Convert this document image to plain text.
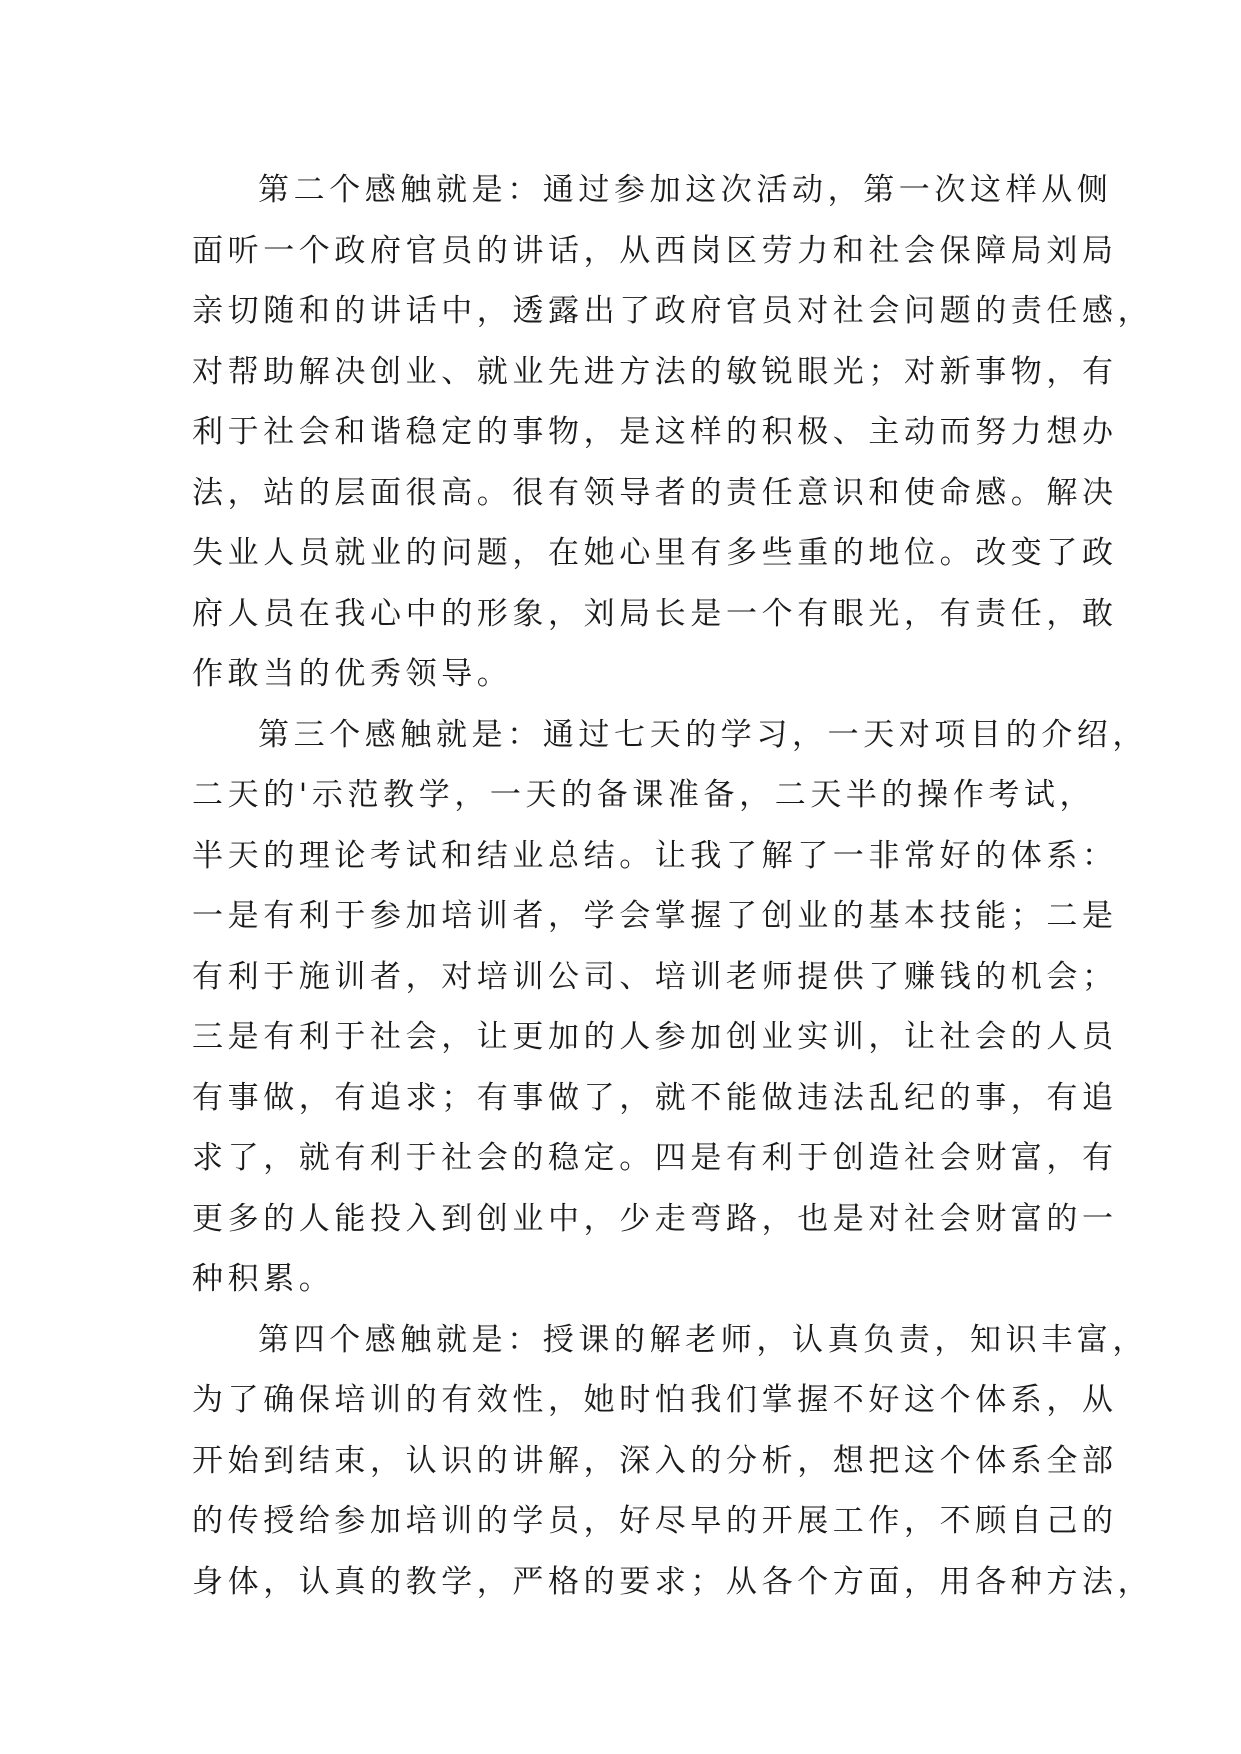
第二个感触就是：通过参加这次活动，第一次这样从侧
面听一个政府官员的讲话，从西岗区劳力和社会保障局刘局
亲切随和的讲话中，透露出了政府官员对社会问题的责任感，
对帮助解决创业、就业先进方法的敏锐眼光；对新事物，有
利于社会和谐稳定的事物，是这样的积极、主动而努力想办
法，站的层面很高。很有领导者的责任意识和使命感。解决
失业人员就业的问题，在她心里有多些重的地位。改变了政
府人员在我心中的形象，刘局长是一个有眼光，有责任，敢
作敢当的优秀领导。
第三个感触就是：通过七天的学习，一天对项目的介绍，
二天的'示范教学，一天的备课准备，二天半的操作考试，
半天的理论考试和结业总结。让我了解了一非常好的体系：
一是有利于参加培训者，学会掌握了创业的基本技能；二是
有利于施训者，对培训公司、培训老师提供了赚钱的机会；
三是有利于社会，让更加的人参加创业实训，让社会的人员
有事做，有追求；有事做了，就不能做违法乱纪的事，有追
求了，就有利于社会的稳定。四是有利于创造社会财富，有
更多的人能投入到创业中，少走弯路，也是对社会财富的一
种积累。
第四个感触就是：授课的解老师，认真负责，知识丰富，
为了确保培训的有效性，她时怕我们掌握不好这个体系，从
开始到结束，认识的讲解，深入的分析，想把这个体系全部
的传授给参加培训的学员，好尽早的开展工作，不顾自己的
身体，认真的教学，严格的要求；从各个方面，用各种方法，
